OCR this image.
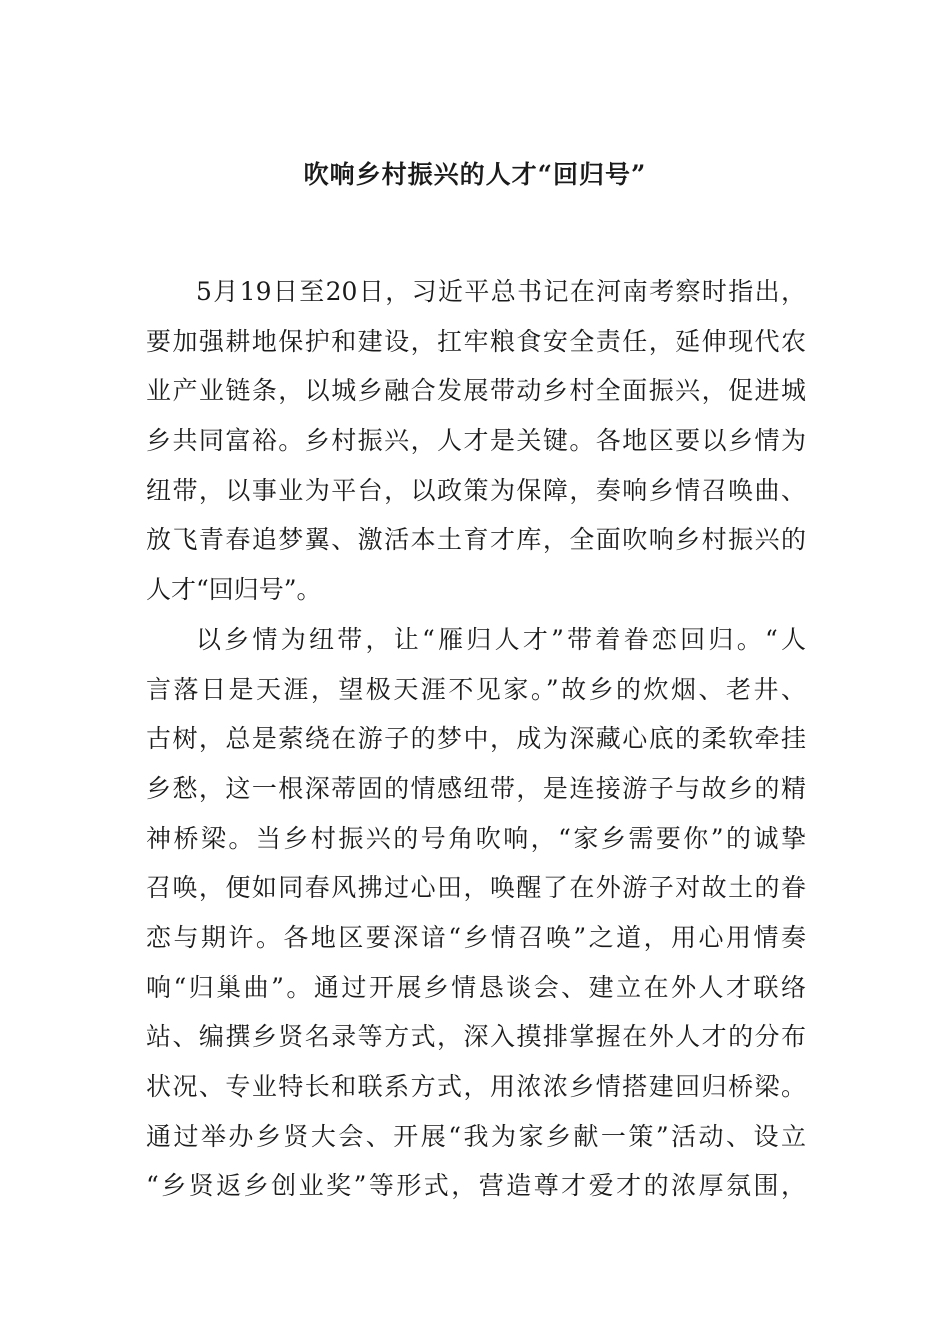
吹响乡村振兴的人才“回归号”

5月19日至20日，习近平总书记在河南考察时指出，
要加强耕地保护和建设，扛牢粮食安全责任，延伸现代农
业产业链条，以城乡融合发展带动乡村全面振兴，促进城
乡共同富裕。乡村振兴，人才是关键。各地区要以乡情为
纽带，以事业为平台，以政策为保障，奏响乡情召唤曲、
放飞青春追梦翼、激活本土育才库，全面吹响乡村振兴的
人才“回归号”。

以乡情为纽带，让“雁归人才”带着眷恋回归。“人
言落日是天涯，望极天涯不见家。”故乡的炊烟、老井、
古树，总是萦绕在游子的梦中，成为深藏心底的柔软牵挂
乡愁，这一根深蒂固的情感纽带，是连接游子与故乡的精
神桥梁。当乡村振兴的号角吹响，“家乡需要你”的诚挚
召唤，便如同春风拂过心田，唤醒了在外游子对故土的眷
恋与期许。各地区要深谙“乡情召唤”之道，用心用情奏
响“归巢曲”。通过开展乡情恳谈会、建立在外人才联络
站、编撰乡贤名录等方式，深入摸排掌握在外人才的分布
状况、专业特长和联系方式，用浓浓乡情搭建回归桥梁。
通过举办乡贤大会、开展“我为家乡献一策”活动、设立
“乡贤返乡创业奖”等形式，营造尊才爱才的浓厚氛围，
